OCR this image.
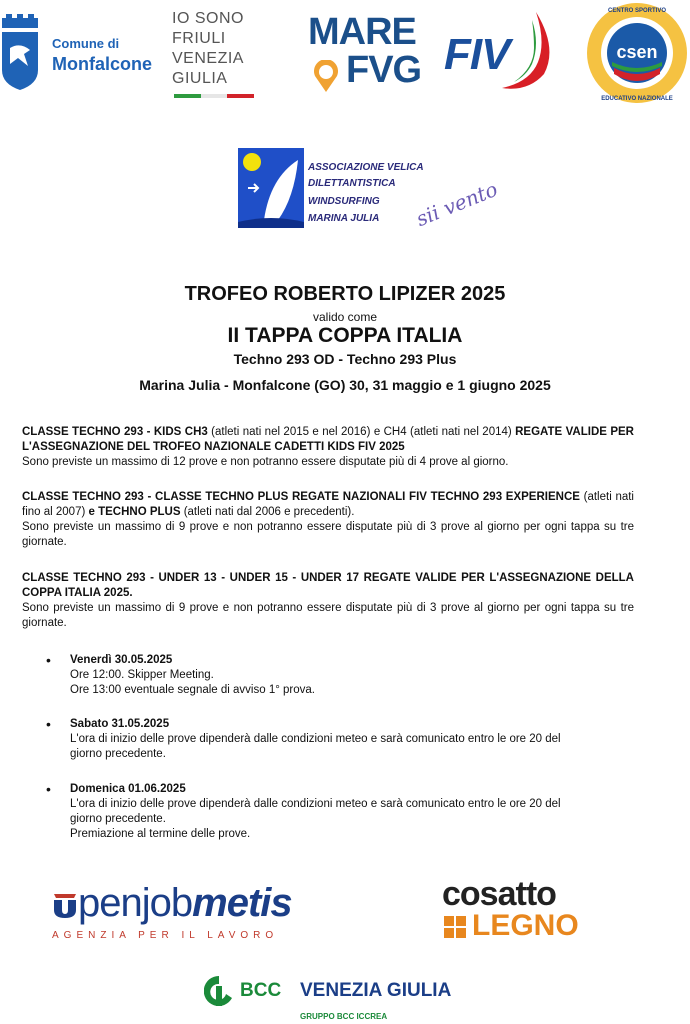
Comune di
Monfalcone
IO SONO
FRIULI
VENEZIA
GIULIA
MARE
FVG FIV	csen
CENTRO SPORTIVO
EDUCATIVO NAZIONALE
ASSOCIAZIONE VELICA
DILETTANTISTICA
WINDSURFING
MARINA JULIA sii vento
TROFEO ROBERTO LIPIZER 2025
valido come
II TAPPA COPPA ITALIA
Techno 293 OD - Techno 293 Plus
Marina Julia - Monfalcone (GO) 30, 31 maggio e 1 giugno 2025
CLASSE TECHNO 293 - KIDS CH3 (atleti nati nel 2015 e nel 2016) e CH4 (atleti nati nel 2014) REGATE VALIDE PER L'ASSEGNAZIONE DEL TROFEO NAZIONALE CADETTI KIDS FIV 2025
Sono previste un massimo di 12 prove e non potranno essere disputate più di 4 prove al giorno.
CLASSE TECHNO 293 - CLASSE TECHNO PLUS REGATE NAZIONALI FIV TECHNO 293 EXPERIENCE (atleti nati fino al 2007) e TECHNO PLUS (atleti nati dal 2006 e precedenti).
Sono previste un massimo di 9 prove e non potranno essere disputate più di 3 prove al giorno per ogni tappa su tre giornate.
CLASSE TECHNO 293 - UNDER 13 - UNDER 15 - UNDER 17 REGATE VALIDE PER L'ASSEGNAZIONE DELLA COPPA ITALIA 2025.
Sono previste un massimo di 9 prove e non potranno essere disputate più di 3 prove al giorno per ogni tappa su tre giornate.
• Venerdì 30.05.2025
Ore 12:00. Skipper Meeting.
Ore 13:00 eventuale segnale di avviso 1° prova.
• Sabato 31.05.2025
L'ora di inizio delle prove dipenderà dalle condizioni meteo e sarà comunicato entro le ore 20 del
giorno precedente.
• Domenica 01.06.2025
L'ora di inizio delle prove dipenderà dalle condizioni meteo e sarà comunicato entro le ore 20 del
giorno precedente.
Premiazione al termine delle prove.
penjobmetis
AGENZIA PER IL LAVORO
cosatto
LEGNO
BCC VENEZIA GIULIA
GRUPPO BCC ICCREA
